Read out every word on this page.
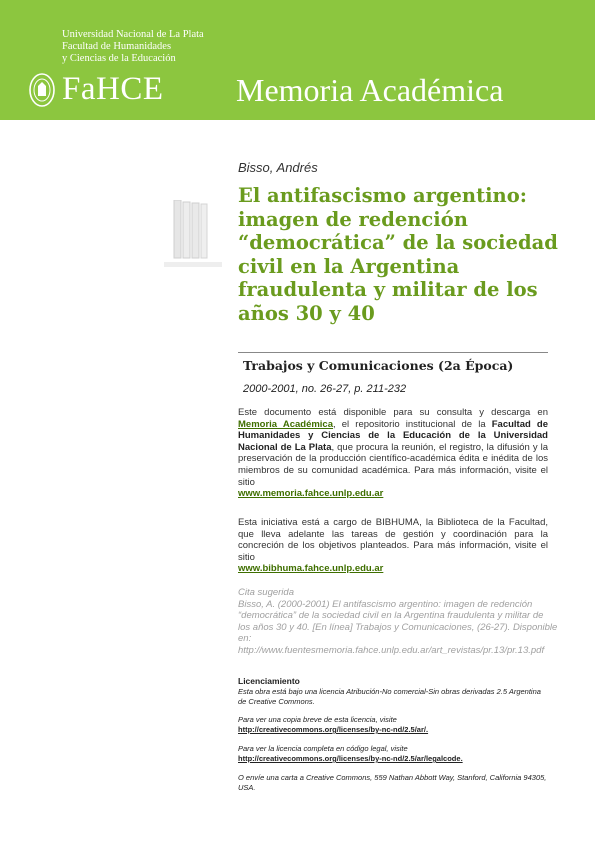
Universidad Nacional de La Plata
Facultad de Humanidades
y Ciencias de la Educación
FaHCE Memoria Académica
Bisso, Andrés
El antifascismo argentino: imagen de redención “democrática” de la sociedad civil en la Argentina fraudulenta y militar de los años 30 y 40
Trabajos y Comunicaciones (2a Época)
2000-2001, no. 26-27, p. 211-232
Este documento está disponible para su consulta y descarga en Memoria Académica, el repositorio institucional de la Facultad de Humanidades y Ciencias de la Educación de la Universidad Nacional de La Plata, que procura la reunión, el registro, la difusión y la preservación de la producción científico-académica édita e inédita de los miembros de su comunidad académica. Para más información, visite el sitio
www.memoria.fahce.unlp.edu.ar
Esta iniciativa está a cargo de BIBHUMA, la Biblioteca de la Facultad, que lleva adelante las tareas de gestión y coordinación para la concreción de los objetivos planteados. Para más información, visite el sitio
www.bibhuma.fahce.unlp.edu.ar
Cita sugerida
Bisso, A. (2000-2001) El antifascismo argentino: imagen de redención “democrática” de la sociedad civil en la Argentina fraudulenta y militar de los años 30 y 40. [En línea] Trabajos y Comunicaciones, (26-27). Disponible en: http://www.fuentesmemoria.fahce.unlp.edu.ar/art_revistas/pr.13/pr.13.pdf
Licenciamiento
Esta obra está bajo una licencia Atribución-No comercial-Sin obras derivadas 2.5 Argentina de Creative Commons.
Para ver una copia breve de esta licencia, visite
http://creativecommons.org/licenses/by-nc-nd/2.5/ar/.
Para ver la licencia completa en código legal, visite
http://creativecommons.org/licenses/by-nc-nd/2.5/ar/legalcode.
O envíe una carta a Creative Commons, 559 Nathan Abbott Way, Stanford, California 94305, USA.
